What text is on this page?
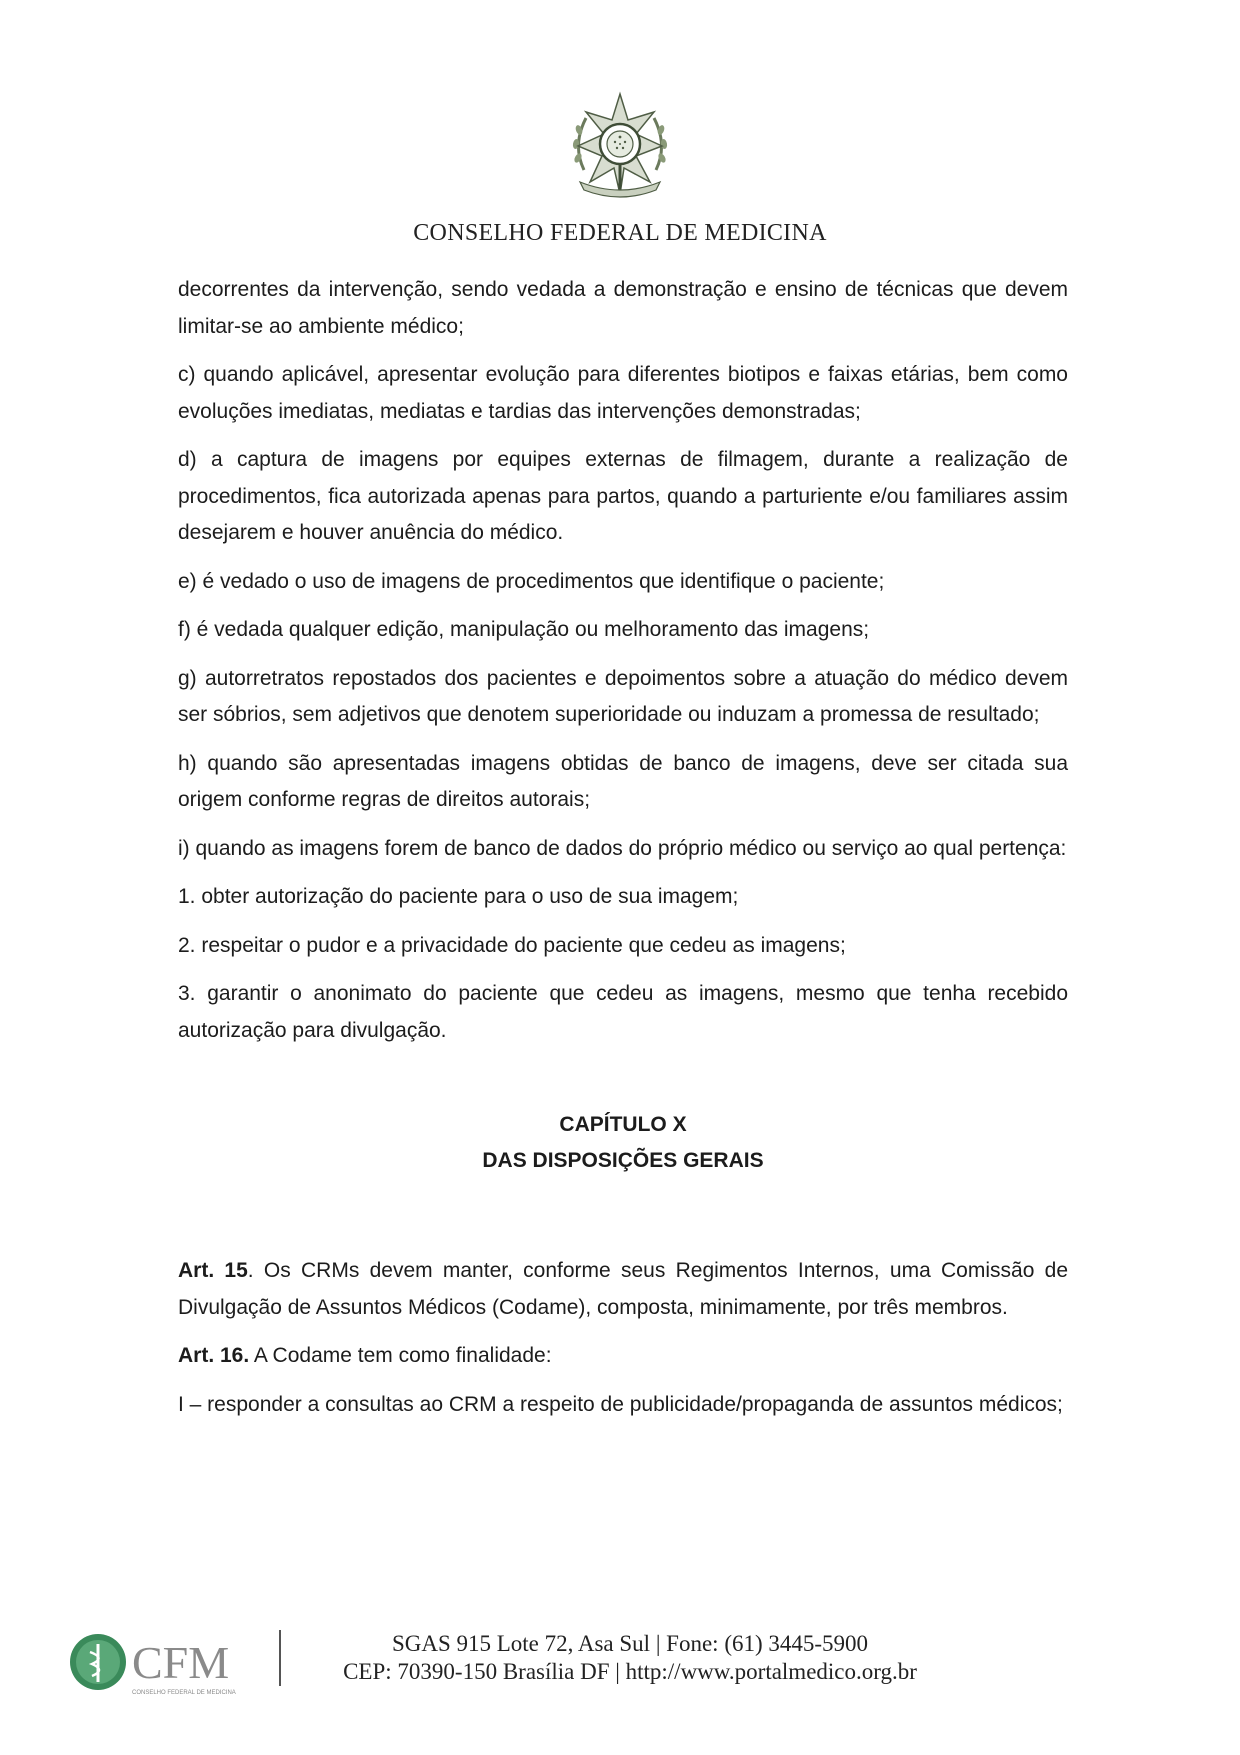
CONSELHO FEDERAL DE MEDICINA

decorrentes da intervenção, sendo vedada a demonstração e ensino de técnicas que devem limitar-se ao ambiente médico;

c) quando aplicável, apresentar evolução para diferentes biotipos e faixas etárias, bem como evoluções imediatas, mediatas e tardias das intervenções demonstradas;

d) a captura de imagens por equipes externas de filmagem, durante a realização de procedimentos, fica autorizada apenas para partos, quando a parturiente e/ou familiares assim desejarem e houver anuência do médico.

e) é vedado o uso de imagens de procedimentos que identifique o paciente;

f) é vedada qualquer edição, manipulação ou melhoramento das imagens;

g) autorretratos repostados dos pacientes e depoimentos sobre a atuação do médico devem ser sóbrios, sem adjetivos que denotem superioridade ou induzam a promessa de resultado;

h) quando são apresentadas imagens obtidas de banco de imagens, deve ser citada sua origem conforme regras de direitos autorais;

i) quando as imagens forem de banco de dados do próprio médico ou serviço ao qual pertença:

1. obter autorização do paciente para o uso de sua imagem;

2. respeitar o pudor e a privacidade do paciente que cedeu as imagens;

3. garantir o anonimato do paciente que cedeu as imagens, mesmo que tenha recebido autorização para divulgação.

CAPÍTULO X
DAS DISPOSIÇÕES GERAIS

Art. 15. Os CRMs devem manter, conforme seus Regimentos Internos, uma Comissão de Divulgação de Assuntos Médicos (Codame), composta, minimamente, por três membros.

Art. 16. A Codame tem como finalidade:

I – responder a consultas ao CRM a respeito de publicidade/propaganda de assuntos médicos;

CFM
CONSELHO FEDERAL DE MEDICINA
SGAS 915 Lote 72, Asa Sul | Fone: (61) 3445-5900
CEP: 70390-150 Brasília DF | http://www.portalmedico.org.br
